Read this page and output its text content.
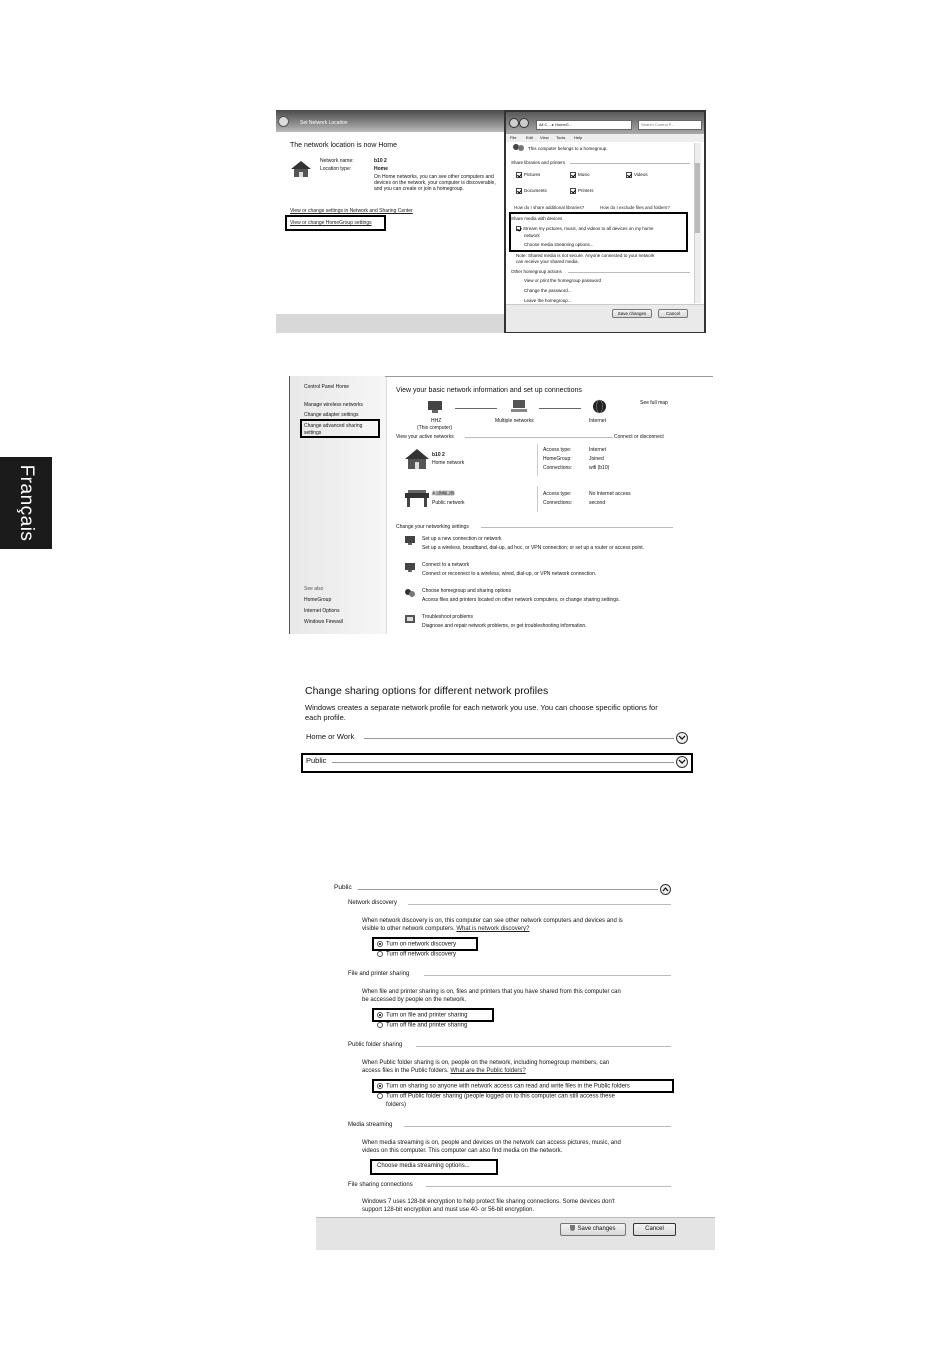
Français
Set Network Location
The network location is now Home
Network name:	b10 2
Location type:	Home
On Home networks, you can see other computers and
devices on the network, your computer is discoverable,
and you can create or join a homegroup.
View or change settings in Network and Sharing Center
View or change HomeGroup settings
All C... ▸ HomeG...	Search Control P...
File Edit View Tools Help
This computer belongs to a homegroup.
Share libraries and printers
Pictures	Music	Videos
Documents	Printers
How do I share additional libraries?	How do I exclude files and folders?
Share media with devices
Stream my pictures, music, and videos to all devices on my home
network
Choose media streaming options...
Note: Shared media is not secure. Anyone connected to your network
can receive your shared media.
Other homegroup actions
View or print the homegroup password
Change the password...
Leave the homegroup...
Save changes	Cancel
Control Panel Home
Manage wireless networks
Change adapter settings
Change advanced sharing
settings
See also
HomeGroup
Internet Options
Windows Firewall
View your basic network information and set up connections
See full map
HHZ
(This computer)
Multiple networks	Internet
View your active networks	Connect or disconnect
b10 2
Home network
Access type:	Internet
HomeGroup:	Joined
Connections:	wifi (b10)
A1B8E2B
Public network
Access type:	No Internet access
Connections:	second
Change your networking settings
Set up a new connection or network
Set up a wireless, broadband, dial-up, ad hoc, or VPN connection; or set up a router or access point.
Connect to a network
Connect or reconnect to a wireless, wired, dial-up, or VPN network connection.
Choose homegroup and sharing options
Access files and printers located on other network computers, or change sharing settings.
Troubleshoot problems
Diagnose and repair network problems, or get troubleshooting information.
Change sharing options for different network profiles
Windows creates a separate network profile for each network you use. You can choose specific options for
each profile.
Home or Work
Public
Public
Network discovery
When network discovery is on, this computer can see other network computers and devices and is
visible to other network computers. What is network discovery?
Turn on network discovery
Turn off network discovery
File and printer sharing
When file and printer sharing is on, files and printers that you have shared from this computer can
be accessed by people on the network.
Turn on file and printer sharing
Turn off file and printer sharing
Public folder sharing
When Public folder sharing is on, people on the network, including homegroup members, can
access files in the Public folders. What are the Public folders?
Turn on sharing so anyone with network access can read and write files in the Public folders
Turn off Public folder sharing (people logged on to this computer can still access these
folders)
Media streaming
When media streaming is on, people and devices on the network can access pictures, music, and
videos on this computer. This computer can also find media on the network.
Choose media streaming options...
File sharing connections
Windows 7 uses 128-bit encryption to help protect file sharing connections. Some devices don't
support 128-bit encryption and must use 40- or 56-bit encryption.
Save changes	Cancel
